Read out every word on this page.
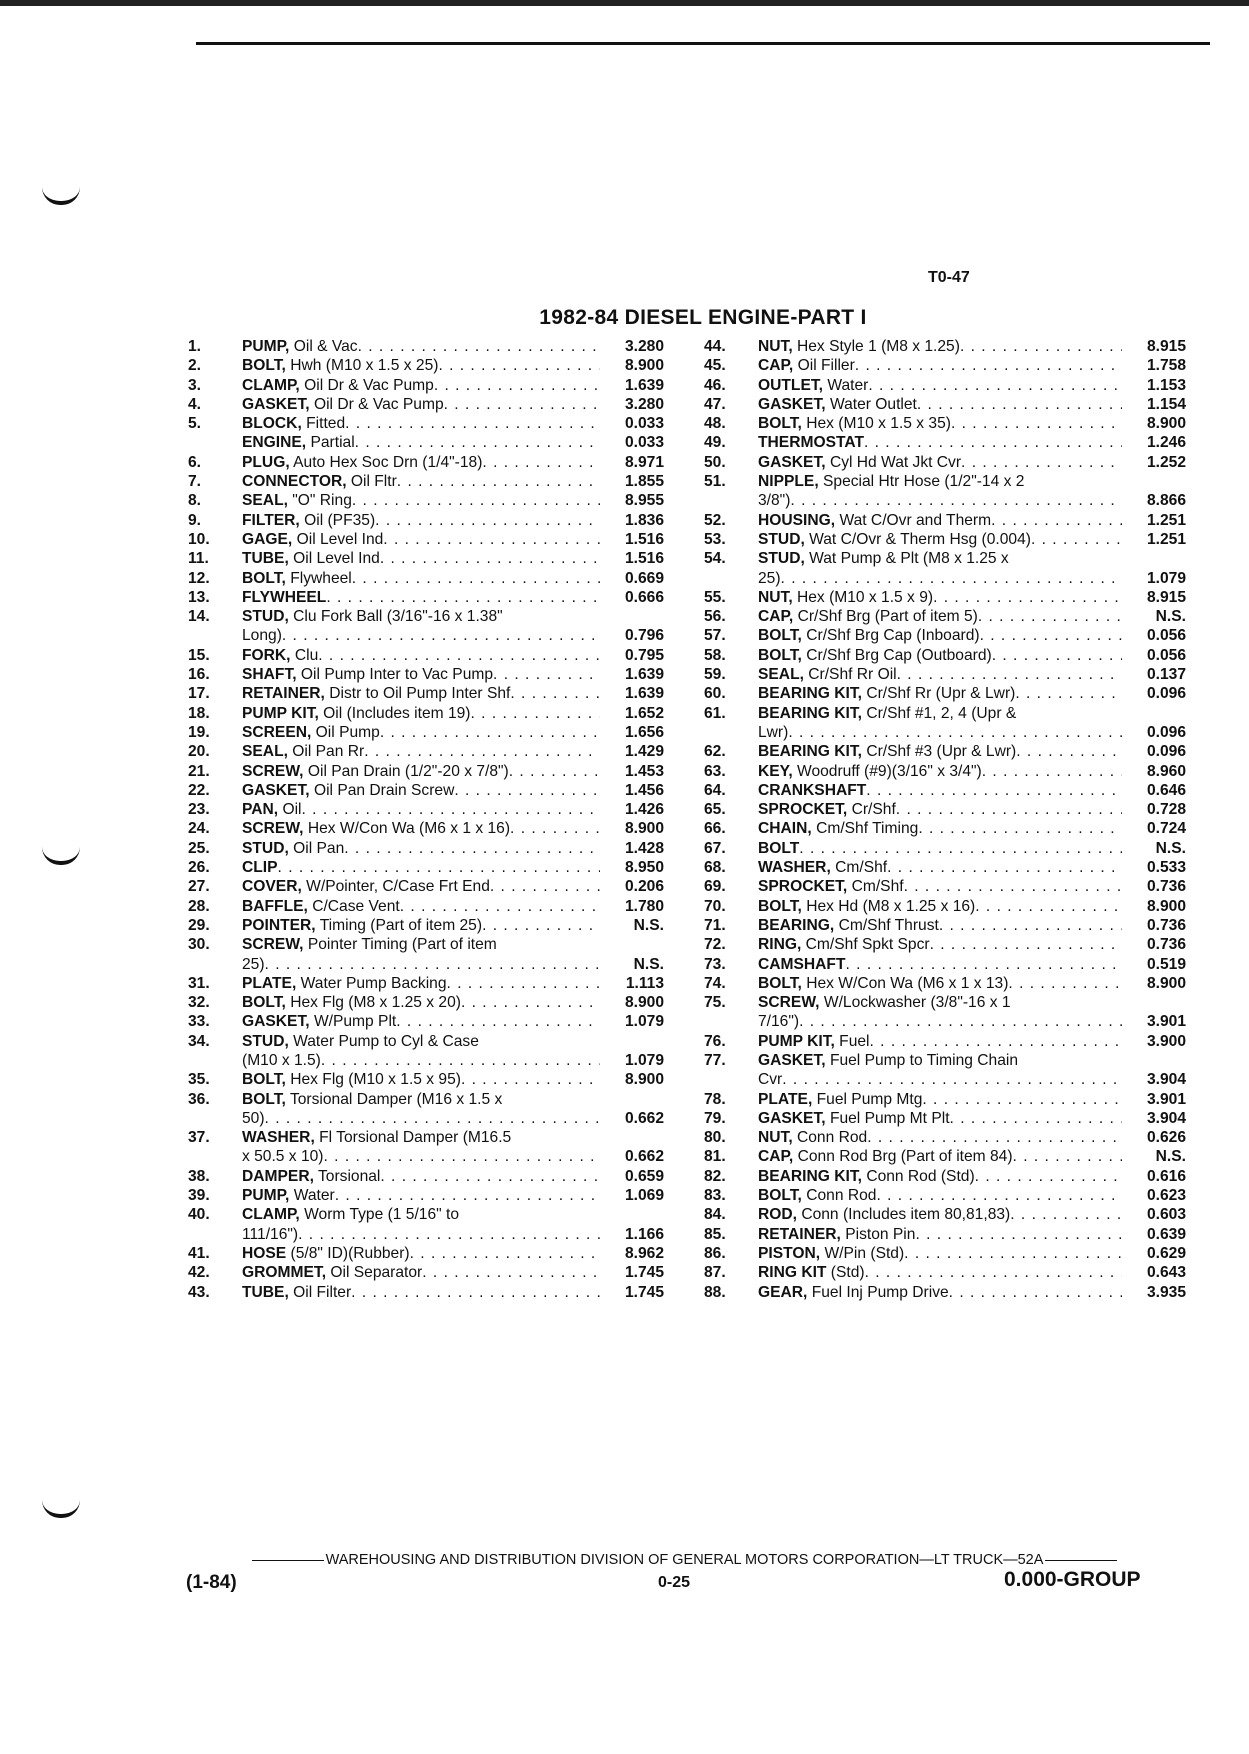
T0-47
1982-84 DIESEL ENGINE-PART I
1.	PUMP, Oil & Vac . . .	3.280
2.	BOLT, Hwh (M10 x 1.5 x 25) . . .	8.900
3.	CLAMP, Oil Dr & Vac Pump . . .	1.639
4.	GASKET, Oil Dr & Vac Pump . . .	3.280
5.	BLOCK, Fitted . . .	0.033
ENGINE, Partial . . .	0.033
6.	PLUG, Auto Hex Soc Drn (1/4"-18) . . .	8.971
7.	CONNECTOR, Oil Fltr . . .	1.855
8.	SEAL, "O" Ring . . .	8.955
9.	FILTER, Oil (PF35) . . .	1.836
10.	GAGE, Oil Level Ind . . .	1.516
11.	TUBE, Oil Level Ind . . .	1.516
12.	BOLT, Flywheel . . .	0.669
13.	FLYWHEEL . . .	0.666
14.	STUD, Clu Fork Ball (3/16"-16 x 1.38"
Long) . . .	0.796
15.	FORK, Clu . . .	0.795
16.	SHAFT, Oil Pump Inter to Vac Pump . . .	1.639
17.	RETAINER, Distr to Oil Pump Inter Shf . . .	1.639
18.	PUMP KIT, Oil (Includes item 19) . . .	1.652
19.	SCREEN, Oil Pump . . .	1.656
20.	SEAL, Oil Pan Rr . . .	1.429
21.	SCREW, Oil Pan Drain (1/2"-20 x 7/8") . . .	1.453
22.	GASKET, Oil Pan Drain Screw . . .	1.456
23.	PAN, Oil . . .	1.426
24.	SCREW, Hex W/Con Wa (M6 x 1 x 16) . . .	8.900
25.	STUD, Oil Pan . . .	1.428
26.	CLIP . . .	8.950
27.	COVER, W/Pointer, C/Case Frt End . . .	0.206
28.	BAFFLE, C/Case Vent . . .	1.780
29.	POINTER, Timing (Part of item 25) . . .	N.S.
30.	SCREW, Pointer Timing (Part of item
25) . . .	N.S.
31.	PLATE, Water Pump Backing . . .	1.113
32.	BOLT, Hex Flg (M8 x 1.25 x 20) . . .	8.900
33.	GASKET, W/Pump Plt . . .	1.079
34.	STUD, Water Pump to Cyl & Case
(M10 x 1.5) . . .	1.079
35.	BOLT, Hex Flg (M10 x 1.5 x 95) . . .	8.900
36.	BOLT, Torsional Damper (M16 x 1.5 x
50) . . .	0.662
37.	WASHER, Fl Torsional Damper (M16.5
x 50.5 x 10) . . .	0.662
38.	DAMPER, Torsional . . .	0.659
39.	PUMP, Water . . .	1.069
40.	CLAMP, Worm Type (1 5/16" to
111/16") . . .	1.166
41.	HOSE (5/8" ID)(Rubber) . . .	8.962
42.	GROMMET, Oil Separator . . .	1.745
43.	TUBE, Oil Filter . . .	1.745
44.	NUT, Hex Style 1 (M8 x 1.25) . . .	8.915
45.	CAP, Oil Filler . . .	1.758
46.	OUTLET, Water . . .	1.153
47.	GASKET, Water Outlet . . .	1.154
48.	BOLT, Hex (M10 x 1.5 x 35) . . .	8.900
49.	THERMOSTAT . . .	1.246
50.	GASKET, Cyl Hd Wat Jkt Cvr . . .	1.252
51.	NIPPLE, Special Htr Hose (1/2"-14 x 2
3/8") . . .	8.866
52.	HOUSING, Wat C/Ovr and Therm . . .	1.251
53.	STUD, Wat C/Ovr & Therm Hsg (0.004) . . .	1.251
54.	STUD, Wat Pump & Plt (M8 x 1.25 x
25) . . .	1.079
55.	NUT, Hex (M10 x 1.5 x 9) . . .	8.915
56.	CAP, Cr/Shf Brg (Part of item 5) . . .	N.S.
57.	BOLT, Cr/Shf Brg Cap (Inboard) . . .	0.056
58.	BOLT, Cr/Shf Brg Cap (Outboard) . . .	0.056
59.	SEAL, Cr/Shf Rr Oil . . .	0.137
60.	BEARING KIT, Cr/Shf Rr (Upr & Lwr) . . .	0.096
61.	BEARING KIT, Cr/Shf #1, 2, 4 (Upr &
Lwr) . . .	0.096
62.	BEARING KIT, Cr/Shf #3 (Upr & Lwr) . . .	0.096
63.	KEY, Woodruff (#9)(3/16" x 3/4") . . .	8.960
64.	CRANKSHAFT . . .	0.646
65.	SPROCKET, Cr/Shf . . .	0.728
66.	CHAIN, Cm/Shf Timing . . .	0.724
67.	BOLT . . .	N.S.
68.	WASHER, Cm/Shf . . .	0.533
69.	SPROCKET, Cm/Shf . . .	0.736
70.	BOLT, Hex Hd (M8 x 1.25 x 16) . . .	8.900
71.	BEARING, Cm/Shf Thrust . . .	0.736
72.	RING, Cm/Shf Spkt Spcr . . .	0.736
73.	CAMSHAFT . . .	0.519
74.	BOLT, Hex W/Con Wa (M6 x 1 x 13) . . .	8.900
75.	SCREW, W/Lockwasher (3/8"-16 x 1
7/16") . . .	3.901
76.	PUMP KIT, Fuel . . .	3.900
77.	GASKET, Fuel Pump to Timing Chain
Cvr . . .	3.904
78.	PLATE, Fuel Pump Mtg . . .	3.901
79.	GASKET, Fuel Pump Mt Plt . . .	3.904
80.	NUT, Conn Rod . . .	0.626
81.	CAP, Conn Rod Brg (Part of item 84) . . .	N.S.
82.	BEARING KIT, Conn Rod (Std) . . .	0.616
83.	BOLT, Conn Rod . . .	0.623
84.	ROD, Conn (Includes item 80,81,83) . . .	0.603
85.	RETAINER, Piston Pin . . .	0.639
86.	PISTON, W/Pin (Std) . . .	0.629
87.	RING KIT (Std) . . .	0.643
88.	GEAR, Fuel Inj Pump Drive . . .	3.935
WAREHOUSING AND DISTRIBUTION DIVISION OF GENERAL MOTORS CORPORATION—LT TRUCK—52A
(1-84)	0-25	0.000-GROUP
